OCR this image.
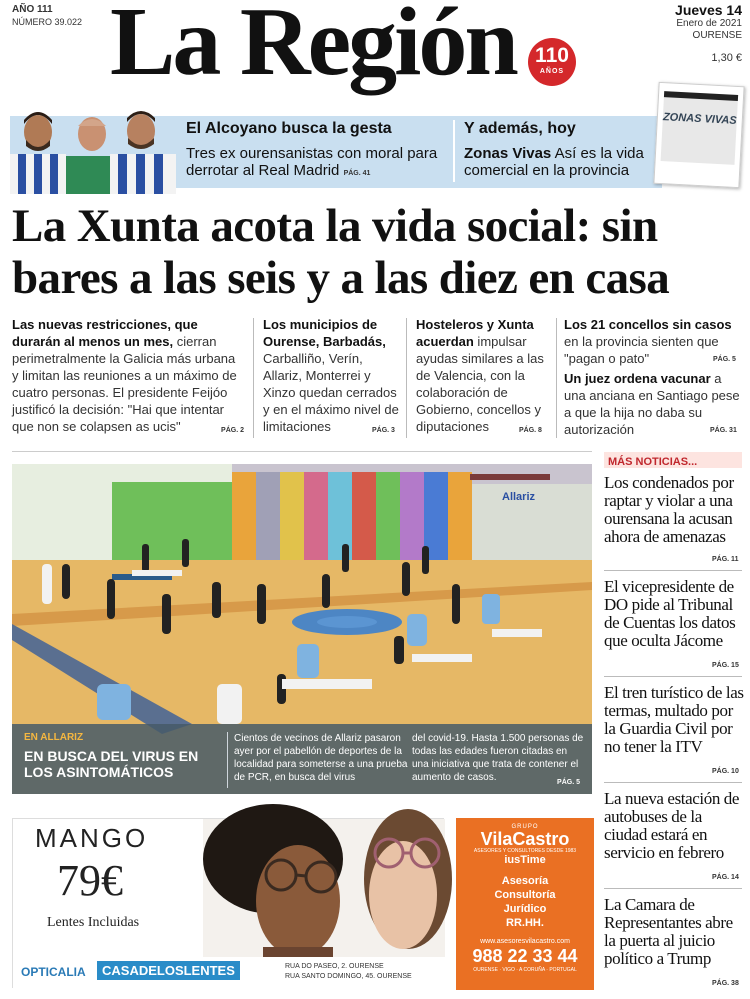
AÑO 111
NÚMERO 39.022 La Región 110
AÑOS
Jueves 14
Enero de 2021
OURENSE
1,30 €
El Alcoyano busca la gesta
Tres ex ourensanistas con moral para derrotar al Real Madrid PÁG. 41
Y además, hoy
Zonas Vivas Así es la vida comercial en la provincia
ZONAS VIVAS
La Xunta acota la vida social: sin bares a las seis y a las diez en casa
Las nuevas restricciones, que durarán al menos un mes, cierran perimetralmente la Galicia más urbana y limitan las reuniones a un máximo de cuatro personas. El presidente Feijóo justificó la decisión: "Hai que intentar que non se colapsen as ucis"	PÁG. 2
Los municipios de Ourense, Barbadás, Carballiño, Verín, Allariz, Monterrei y Xinzo quedan cerrados y en el máximo nivel de limitaciones	PÁG. 3
Hosteleros y Xunta acuerdan impulsar ayudas similares a las de Valencia, con la colaboración de Gobierno, concellos y diputaciones	PÁG. 8
Los 21 concellos sin casos en la provincia sienten que "pagan o pato"	PÁG. 5
Un juez ordena vacunar a una anciana en Santiago pese a que la hija no daba su autorización	PÁG. 31
Allariz
JESÚS FARIÑAS
EN ALLARIZ
EN BUSCA DEL VIRUS EN LOS ASINTOMÁTICOS
Cientos de vecinos de Allariz pasaron ayer por el pabellón de deportes de la localidad para someterse a una prueba de PCR, en busca del virus
del covid-19. Hasta 1.500 personas de todas las edades fueron citadas en una iniciativa que trata de contener el aumento de casos.	PÁG. 5
MÁS NOTICIAS...
Los condenados por raptar y violar a una ourensana la acusan ahora de amenazas
PÁG. 11
El vicepresidente de DO pide al Tribunal de Cuentas los datos que oculta Jácome
PÁG. 15
El tren turístico de las termas, multado por la Guardia Civil por no tener la ITV
PÁG. 10
La nueva estación de autobuses de la ciudad estará en servicio en febrero
PÁG. 14
La Camara de Representantes abre la puerta al juicio político a Trump
PÁG. 38
MANGO
79€
Lentes Incluidas
OPTICALIA	CASADELOSLENTES	RUA DO PASEO, 2. OURENSE
RUA SANTO DOMINGO, 45. OURENSE
GRUPO
VilaCastro
ASESORES Y CONSULTORES DESDE 1983
iusTime
Asesoría
Consultoría
Jurídico
RR.HH.
www.asesoresvilacastro.com
988 22 33 44
OURENSE · VIGO · A CORUÑA · PORTUGAL
